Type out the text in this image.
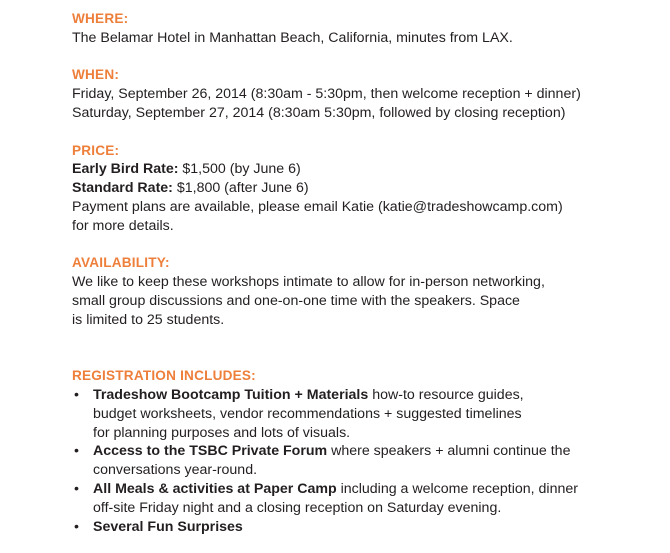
WHERE:
The Belamar Hotel in Manhattan Beach, California, minutes from LAX.
WHEN:
Friday, September 26, 2014 (8:30am - 5:30pm, then welcome reception + dinner)
Saturday, September 27, 2014 (8:30am 5:30pm, followed by closing reception)
PRICE:
Early Bird Rate: $1,500 (by June 6)
Standard Rate: $1,800 (after June 6)
Payment plans are available, please email Katie (katie@tradeshowcamp.com)
for more details.
AVAILABILITY:
We like to keep these workshops intimate to allow for in-person networking,
small group discussions and one-on-one time with the speakers. Space
is limited to 25 students.
REGISTRATION INCLUDES:
• Tradeshow Bootcamp Tuition + Materials how-to resource guides,
budget worksheets, vendor recommendations + suggested timelines
for planning purposes and lots of visuals.
• Access to the TSBC Private Forum where speakers + alumni continue the
conversations year-round.
• All Meals & activities at Paper Camp including a welcome reception, dinner
off-site Friday night and a closing reception on Saturday evening.
• Several Fun Surprises
